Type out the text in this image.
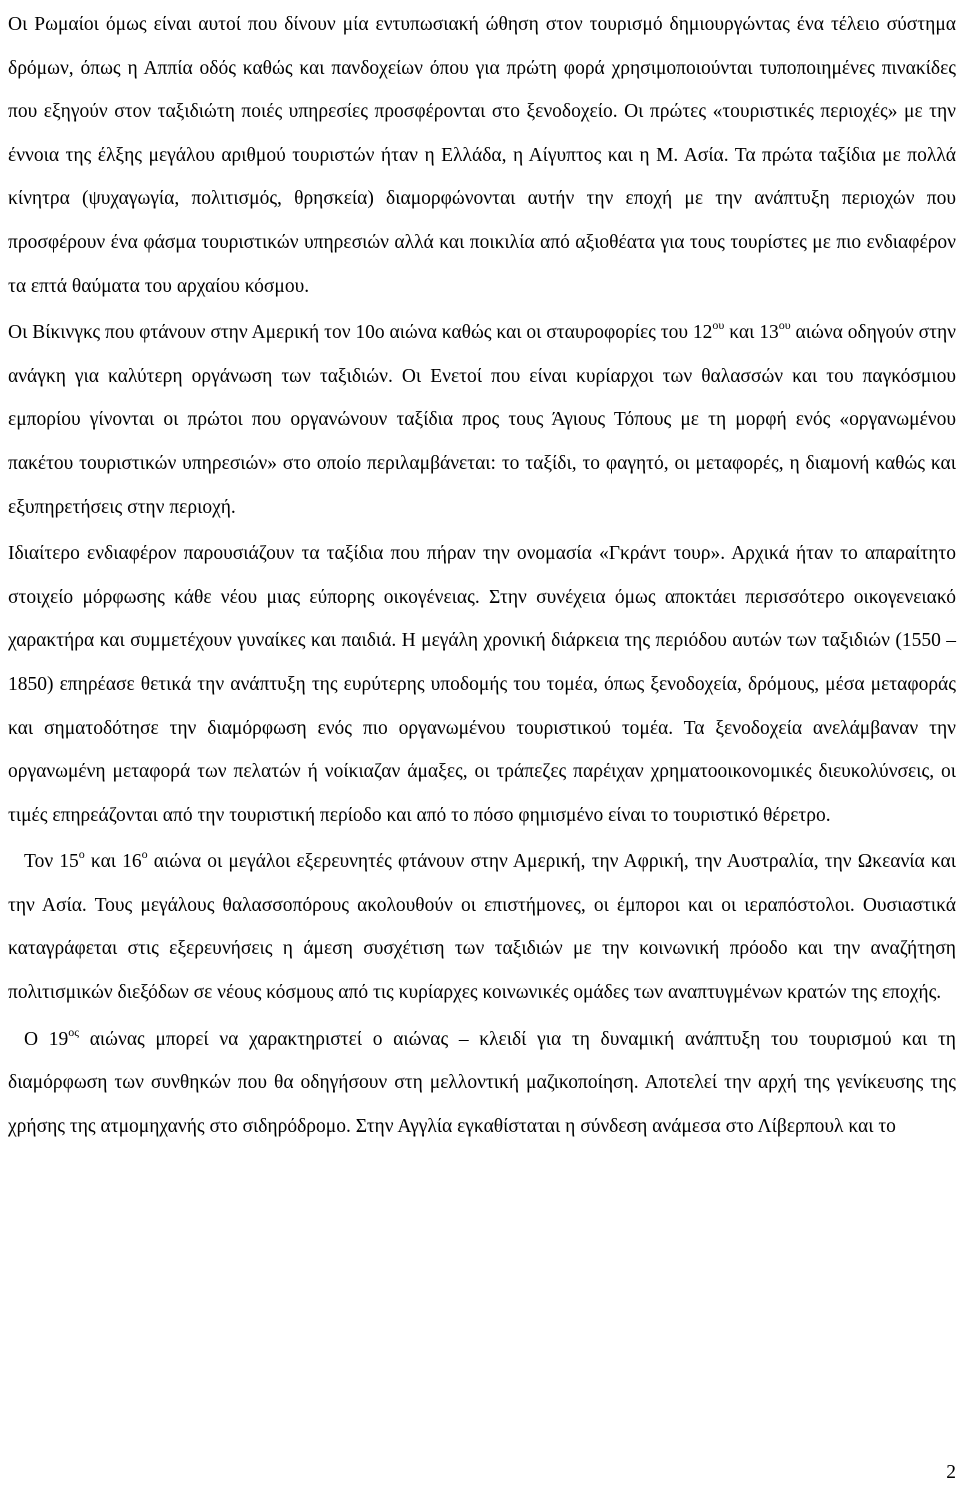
Οι Ρωμαίοι όμως είναι αυτοί που δίνουν μία εντυπωσιακή ώθηση στον τουρισμό δημιουργώντας ένα τέλειο σύστημα δρόμων, όπως η Αππία οδός καθώς και πανδοχείων όπου για πρώτη φορά χρησιμοποιούνται τυποποιημένες πινακίδες που εξηγούν στον ταξιδιώτη ποιές υπηρεσίες προσφέρονται στο ξενοδοχείο. Οι πρώτες «τουριστικές περιοχές» με την έννοια της έλξης μεγάλου αριθμού τουριστών ήταν η Ελλάδα, η Αίγυπτος και η Μ. Ασία. Τα πρώτα ταξίδια με πολλά κίνητρα (ψυχαγωγία, πολιτισμός, θρησκεία) διαμορφώνονται αυτήν την εποχή με την ανάπτυξη περιοχών που προσφέρουν ένα φάσμα τουριστικών υπηρεσιών αλλά και ποικιλία από αξιοθέατα για τους τουρίστες με πιο ενδιαφέρον τα επτά θαύματα του αρχαίου κόσμου.

Οι Βίκινγκς που φτάνουν στην Αμερική τον 10ο αιώνα καθώς και οι σταυροφορίες του $12^{o\upsilon}$ και $13^{o\upsilon}$ αιώνα οδηγούν στην ανάγκη για καλύτερη οργάνωση των ταξιδιών. Οι Ενετοί που είναι κυρίαρχοι των θαλασσών και του παγκόσμιου εμπορίου γίνονται οι πρώτοι που οργανώνουν ταξίδια προς τους Άγιους Τόπους με τη μορφή ενός «οργανωμένου πακέτου τουριστικών υπηρεσιών» στο οποίο περιλαμβάνεται: το ταξίδι, το φαγητό, οι μεταφορές, η διαμονή καθώς και εξυπηρετήσεις στην περιοχή.

Ιδιαίτερο ενδιαφέρον παρουσιάζουν τα ταξίδια που πήραν την ονομασία «Γκράντ τουρ». Αρχικά ήταν το απαραίτητο στοιχείο μόρφωσης κάθε νέου μιας εύπορης οικογένειας. Στην συνέχεια όμως αποκτάει περισσότερο οικογενειακό χαρακτήρα και συμμετέχουν γυναίκες και παιδιά. Η μεγάλη χρονική διάρκεια της περιόδου αυτών των ταξιδιών (1550 – 1850) επηρέασε θετικά την ανάπτυξη της ευρύτερης υποδομής του τομέα, όπως ξενοδοχεία, δρόμους, μέσα μεταφοράς και σηματοδότησε την διαμόρφωση ενός πιο οργανωμένου τουριστικού τομέα. Τα ξενοδοχεία ανελάμβαναν την οργανωμένη μεταφορά των πελατών ή νοίκιαζαν άμαξες, οι τράπεζες παρέιχαν χρηματοοικονομικές διευκολύνσεις, οι τιμές επηρεάζονται από την τουριστική περίοδο και από το πόσο φημισμένο είναι το τουριστικό θέρετρο.

Τον $15^o$ και $16^o$ αιώνα οι μεγάλοι εξερευνητές φτάνουν στην Αμερική, την Αφρική, την Αυστραλία, την Ωκεανία και την Ασία. Τους μεγάλους θαλασσοπόρους ακολουθούν οι επιστήμονες, οι έμποροι και οι ιεραπόστολοι. Ουσιαστικά καταγράφεται στις εξερευνήσεις η άμεση συσχέτιση των ταξιδιών με την κοινωνική πρόοδο και την αναζήτηση πολιτισμικών διεξόδων σε νέους κόσμους από τις κυρίαρχες κοινωνικές ομάδες των αναπτυγμένων κρατών της εποχής.

Ο $19^{o\varsigma}$ αιώνας μπορεί να χαρακτηριστεί ο αιώνας – κλειδί για τη δυναμική ανάπτυξη του τουρισμού και τη διαμόρφωση των συνθηκών που θα οδηγήσουν στη μελλοντική μαζικοποίηση. Αποτελεί την αρχή της γενίκευσης της χρήσης της ατμομηχανής στο σιδηρόδρομο. Στην Αγγλία εγκαθίσταται η σύνδεση ανάμεσα στο Λίβερπουλ και το

2
